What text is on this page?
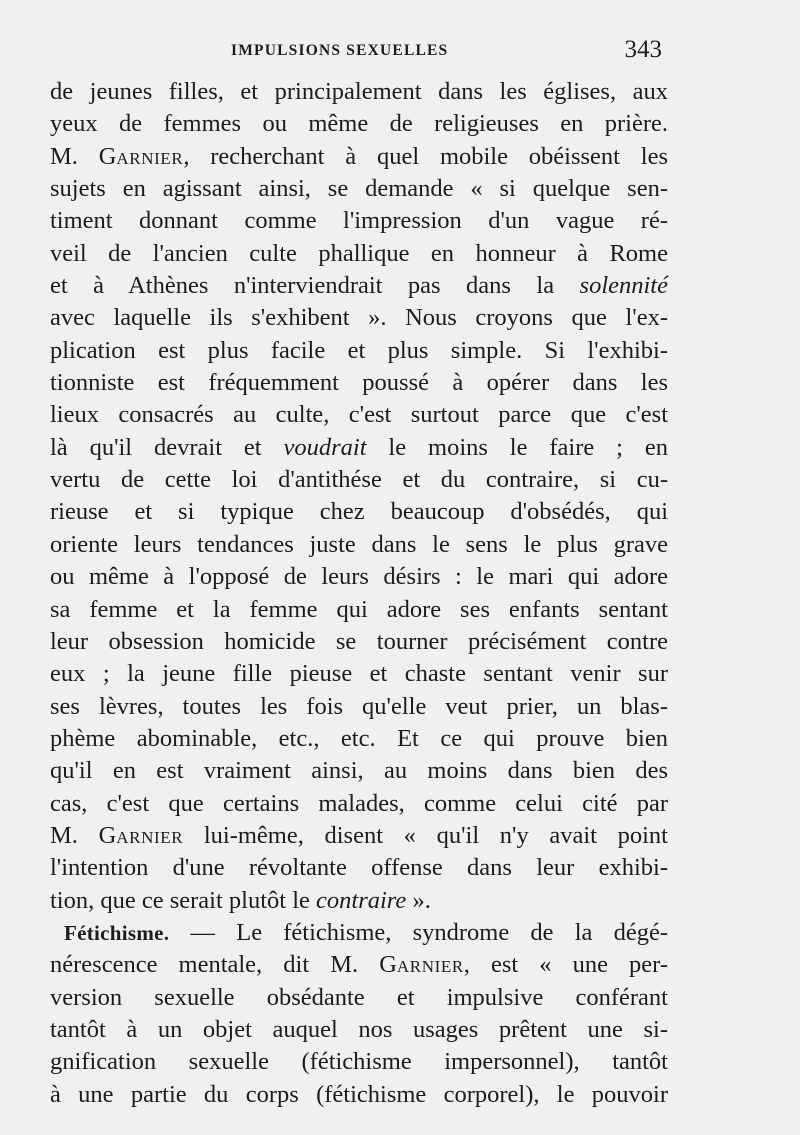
IMPULSIONS SEXUELLES	343
de jeunes filles, et principalement dans les églises, aux
yeux de femmes ou même de religieuses en prière.
M. GARNIER, recherchant à quel mobile obéissent les
sujets en agissant ainsi, se demande « si quelque sen-
timent donnant comme l'impression d'un vague ré-
veil de l'ancien culte phallique en honneur à Rome
et à Athènes n'interviendrait pas dans la solennité
avec laquelle ils s'exhibent ». Nous croyons que l'ex-
plication est plus facile et plus simple. Si l'exhibi-
tionniste est fréquemment poussé à opérer dans les
lieux consacrés au culte, c'est surtout parce que c'est
là qu'il devrait et voudrait le moins le faire ; en
vertu de cette loi d'antithése et du contraire, si cu-
rieuse et si typique chez beaucoup d'obsédés, qui
oriente leurs tendances juste dans le sens le plus grave
ou même à l'opposé de leurs désirs : le mari qui adore
sa femme et la femme qui adore ses enfants sentant
leur obsession homicide se tourner précisément contre
eux ; la jeune fille pieuse et chaste sentant venir sur
ses lèvres, toutes les fois qu'elle veut prier, un blas-
phème abominable, etc., etc. Et ce qui prouve bien
qu'il en est vraiment ainsi, au moins dans bien des
cas, c'est que certains malades, comme celui cité par
M. GARNIER lui-même, disent « qu'il n'y avait point
l'intention d'une révoltante offense dans leur exhibi-
tion, que ce serait plutôt le contraire ».
Fétichisme. — Le fétichisme, syndrome de la dégé-
nérescence mentale, dit M. GARNIER, est « une per-
version sexuelle obsédante et impulsive conférant
tantôt à un objet auquel nos usages prêtent une si-
gnification sexuelle (fétichisme impersonnel), tantôt
à une partie du corps (fétichisme corporel), le pouvoir
